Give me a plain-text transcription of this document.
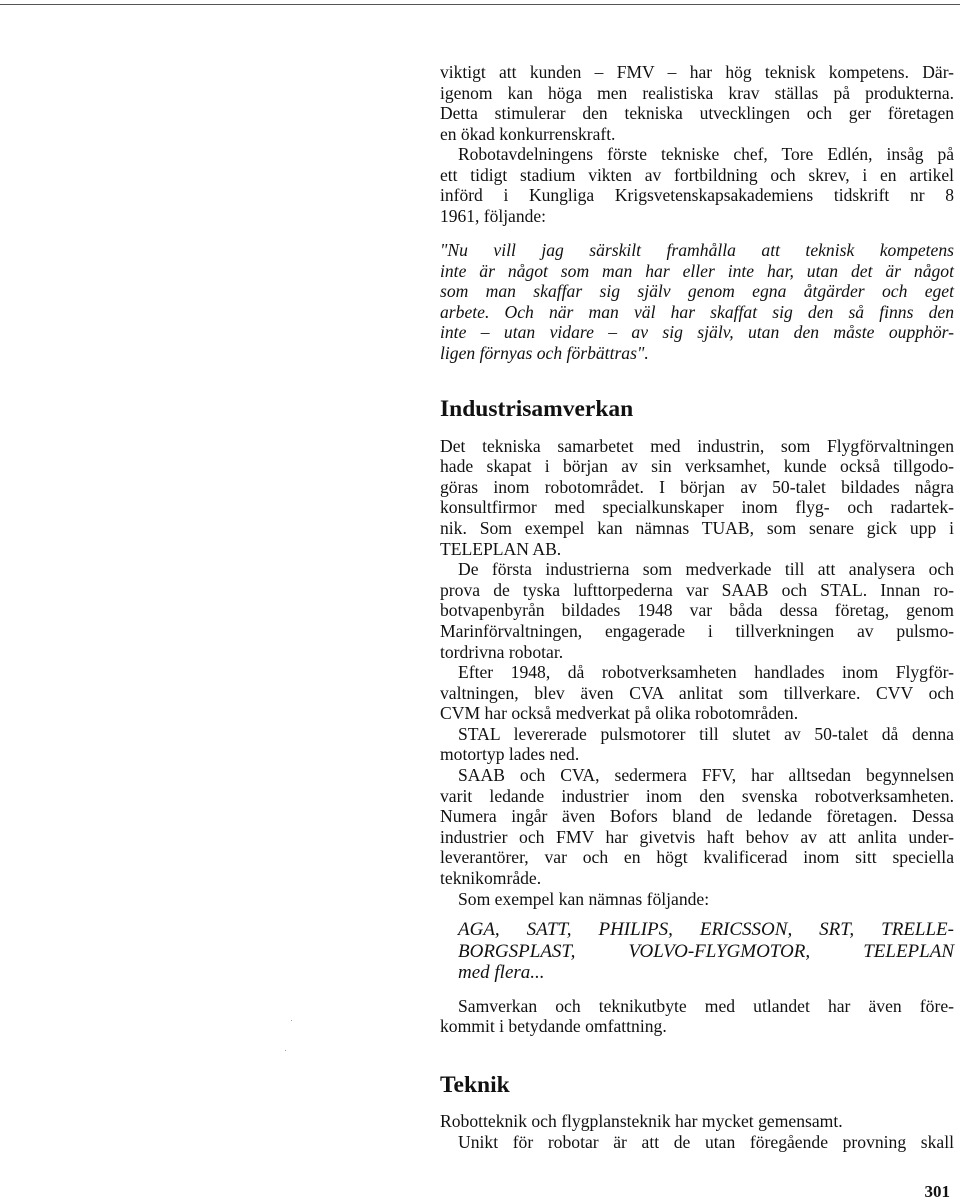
viktigt att kunden – FMV – har hög teknisk kompetens. Där-
igenom kan höga men realistiska krav ställas på produkterna.
Detta stimulerar den tekniska utvecklingen och ger företagen
en ökad konkurrenskraft.

Robotavdelningens förste tekniske chef, Tore Edlén, insåg på
ett tidigt stadium vikten av fortbildning och skrev, i en artikel
införd i Kungliga Krigsvetenskapsakademiens tidskrift nr 8
1961, följande:

"Nu vill jag särskilt framhålla att teknisk kompetens
inte är något som man har eller inte har, utan det är något
som man skaffar sig själv genom egna åtgärder och eget
arbete. Och när man väl har skaffat sig den så finns den
inte – utan vidare – av sig själv, utan den måste oupphör-
ligen förnyas och förbättras".

Industrisamverkan

Det tekniska samarbetet med industrin, som Flygförvaltningen
hade skapat i början av sin verksamhet, kunde också tillgodo-
göras inom robotområdet. I början av 50-talet bildades några
konsultfirmor med specialkunskaper inom flyg- och radartek-
nik. Som exempel kan nämnas TUAB, som senare gick upp i
TELEPLAN AB.

De första industrierna som medverkade till att analysera och
prova de tyska lufttorpederna var SAAB och STAL. Innan ro-
botvapenbyrån bildades 1948 var båda dessa företag, genom
Marinförvaltningen, engagerade i tillverkningen av pulsmo-
tordrivna robotar.

Efter 1948, då robotverksamheten handlades inom Flygför-
valtningen, blev även CVA anlitat som tillverkare. CVV och
CVM har också medverkat på olika robotområden.

STAL levererade pulsmotorer till slutet av 50-talet då denna
motortyp lades ned.

SAAB och CVA, sedermera FFV, har alltsedan begynnelsen
varit ledande industrier inom den svenska robotverksamheten.
Numera ingår även Bofors bland de ledande företagen. Dessa
industrier och FMV har givetvis haft behov av att anlita under-
leverantörer, var och en högt kvalificerad inom sitt speciella
teknikområde.

Som exempel kan nämnas följande:

AGA, SATT, PHILIPS, ERICSSON, SRT, TRELLE-
BORGSPLAST, VOLVO-FLYGMOTOR, TELEPLAN
med flera...

Samverkan och teknikutbyte med utlandet har även före-
kommit i betydande omfattning.

Teknik

Robotteknik och flygplansteknik har mycket gemensamt.
Unikt för robotar är att de utan föregående provning skall

301
